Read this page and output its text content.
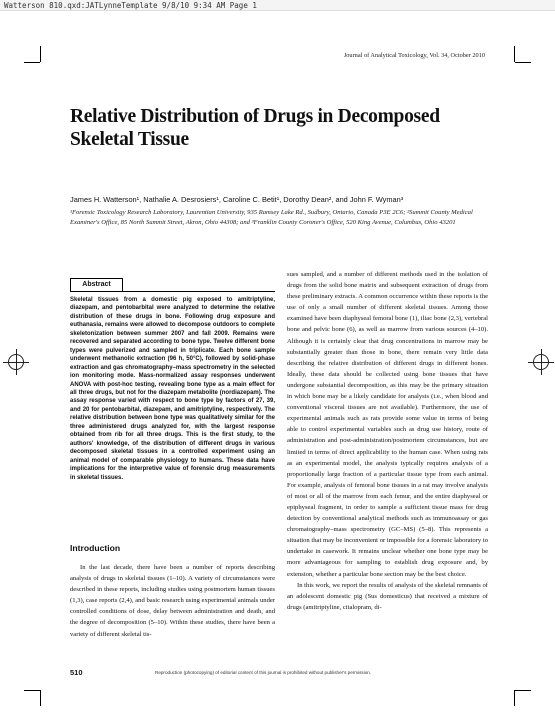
Watterson 810.qxd:JATLynneTemplate 9/8/10 9:34 AM Page 1
Journal of Analytical Toxicology, Vol. 34, October 2010
Relative Distribution of Drugs in Decomposed Skeletal Tissue
James H. Watterson¹, Nathalie A. Desrosiers¹, Caroline C. Betit¹, Dorothy Dean², and John F. Wyman³
¹Forensic Toxicology Research Laboratory, Laurentian University, 935 Ramsey Lake Rd., Sudbury, Ontario, Canada P3E 2C6; ²Summit County Medical Examiner's Office, 85 North Summit Street, Akron, Ohio 44308; and ³Franklin County Coroner's Office, 520 King Avenue, Columbus, Ohio 43201
Abstract
Skeletal tissues from a domestic pig exposed to amitriptyline, diazepam, and pentobarbital were analyzed to determine the relative distribution of these drugs in bone. Following drug exposure and euthanasia, remains were allowed to decompose outdoors to complete skeletonization between summer 2007 and fall 2009. Remains were recovered and separated according to bone type. Twelve different bone types were pulverized and sampled in triplicate. Each bone sample underwent methanolic extraction (96 h, 50°C), followed by solid-phase extraction and gas chromatography–mass spectrometry in the selected ion monitoring mode. Mass-normalized assay responses underwent ANOVA with post-hoc testing, revealing bone type as a main effect for all three drugs, but not for the diazepam metabolite (nordiazepam). The assay response varied with respect to bone type by factors of 27, 39, and 20 for pentobarbital, diazepam, and amitriptyline, respectively. The relative distribution between bone type was qualitatively similar for the three administered drugs analyzed for, with the largest response obtained from rib for all three drugs. This is the first study, to the authors' knowledge, of the distribution of different drugs in various decomposed skeletal tissues in a controlled experiment using an animal model of comparable physiology to humans. These data have implications for the interpretive value of forensic drug measurements in skeletal tissues.
Introduction

In the last decade, there have been a number of reports describing analysis of drugs in skeletal tissues (1–10). A variety of circumstances were described in these reports, including studies using postmortem human tissues (1,3), case reports (2,4), and basic research using experimental animals under controlled conditions of dose, delay between administration and death, and the degree of decomposition (5–10). Within these studies, there have been a variety of different skeletal tis-

sues sampled, and a number of different methods used in the isolation of drugs from the solid bone matrix and subsequent extraction of drugs from these preliminary extracts. A common occurrence within these reports is the use of only a small number of different skeletal tissues. Among those examined have been diaphyseal femoral bone (1), iliac bone (2,3), vertebral bone and pelvic bone (6), as well as marrow from various sources (4–10). Although it is certainly clear that drug concentrations in marrow may be substantially greater than those in bone, there remain very little data describing the relative distribution of different drugs in different bones. Ideally, these data should be collected using bone tissues that have undergone substantial decomposition, as this may be the primary situation in which bone may be a likely candidate for analysis (i.e., when blood and conventional visceral tissues are not available). Furthermore, the use of experimental animals such as rats provide some value in terms of being able to control experimental variables such as drug use history, route of administration and post-administration/postmortem circumstances, but are limited in terms of direct applicability to the human case. When using rats as an experimental model, the analysis typically requires analysis of a proportionally large fraction of a particular tissue type from each animal. For example, analysis of femoral bone tissues in a rat may involve analysis of most or all of the marrow from each femur, and the entire diaphyseal or epiphyseal fragment, in order to sample a sufficient tissue mass for drug detection by conventional analytical methods such as immunoassay or gas chromatography–mass spectrometry (GC–MS) (5–8). This represents a situation that may be inconvenient or impossible for a forensic laboratory to undertake in casework. It remains unclear whether one bone type may be more advantageous for sampling to establish drug exposure and, by extension, whether a particular bone section may be the best choice.

In this work, we report the results of analysis of the skeletal remnants of an adolescent domestic pig (Sus domesticus) that received a mixture of drugs (amitriptyline, citalopram, di-

510	Reproduction (photocopying) of editorial content of this journal is prohibited without publisher's permission.
